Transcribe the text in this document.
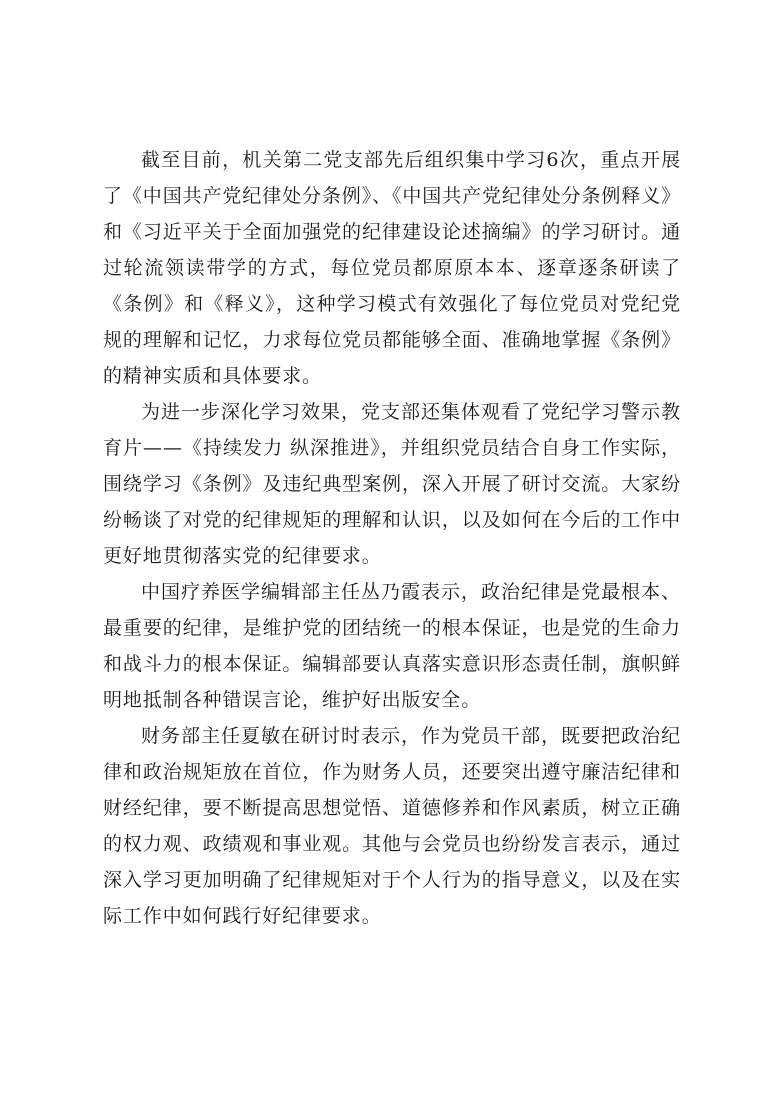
截至目前，机关第二党支部先后组织集中学习6次，重点开展了《中国共产党纪律处分条例》、《中国共产党纪律处分条例释义》和《习近平关于全面加强党的纪律建设论述摘编》的学习研讨。通过轮流领读带学的方式，每位党员都原原本本、逐章逐条研读了《条例》和《释义》，这种学习模式有效强化了每位党员对党纪党规的理解和记忆，力求每位党员都能够全面、准确地掌握《条例》的精神实质和具体要求。

为进一步深化学习效果，党支部还集体观看了党纪学习警示教育片——《持续发力 纵深推进》，并组织党员结合自身工作实际，围绕学习《条例》及违纪典型案例，深入开展了研讨交流。大家纷纷畅谈了对党的纪律规矩的理解和认识，以及如何在今后的工作中更好地贯彻落实党的纪律要求。

中国疗养医学编辑部主任丛乃霞表示，政治纪律是党最根本、最重要的纪律，是维护党的团结统一的根本保证，也是党的生命力和战斗力的根本保证。编辑部要认真落实意识形态责任制，旗帜鲜明地抵制各种错误言论，维护好出版安全。

财务部主任夏敏在研讨时表示，作为党员干部，既要把政治纪律和政治规矩放在首位，作为财务人员，还要突出遵守廉洁纪律和财经纪律，要不断提高思想觉悟、道德修养和作风素质，树立正确的权力观、政绩观和事业观。其他与会党员也纷纷发言表示，通过深入学习更加明确了纪律规矩对于个人行为的指导意义，以及在实际工作中如何践行好纪律要求。
